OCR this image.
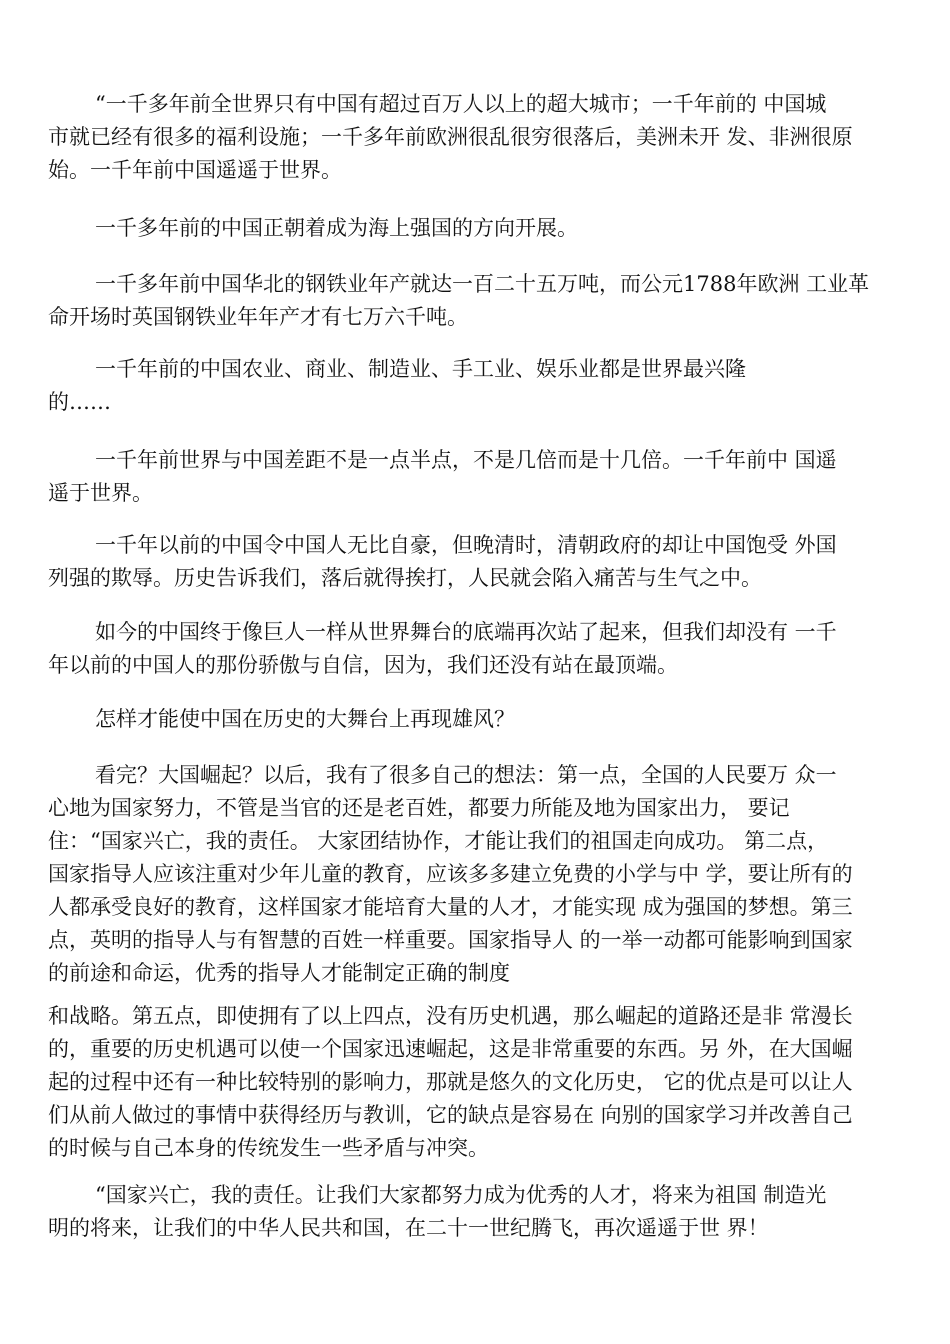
“一千多年前全世界只有中国有超过百万人以上的超大城市；一千年前的 中国城
市就已经有很多的福利设施；一千多年前欧洲很乱很穷很落后，美洲未开 发、非洲很原
始。一千年前中国遥遥于世界。
一千多年前的中国正朝着成为海上强国的方向开展。
一千多年前中国华北的钢铁业年产就达一百二十五万吨，而公元1788年欧洲 工业革
命开场时英国钢铁业年年产才有七万六千吨。
一千年前的中国农业、商业、制造业、手工业、娱乐业都是世界最兴隆
的……
一千年前世界与中国差距不是一点半点，不是几倍而是十几倍。一千年前中 国遥
遥于世界。
一千年以前的中国令中国人无比自豪，但晚清时，清朝政府的却让中国饱受 外国
列强的欺辱。历史告诉我们，落后就得挨打，人民就会陷入痛苦与生气之中。
如今的中国终于像巨人一样从世界舞台的底端再次站了起来，但我们却没有 一千
年以前的中国人的那份骄傲与自信，因为，我们还没有站在最顶端。
怎样才能使中国在历史的大舞台上再现雄风？
看完？大国崛起？以后，我有了很多自己的想法：第一点，全国的人民要万 众一
心地为国家努力，不管是当官的还是老百姓，都要力所能及地为国家出力， 要记
住：“国家兴亡，我的责任。 大家团结协作，才能让我们的祖国走向成功。 第二点，
国家指导人应该注重对少年儿童的教育，应该多多建立免费的小学与中 学，要让所有的
人都承受良好的教育，这样国家才能培育大量的人才，才能实现 成为强国的梦想。第三
点，英明的指导人与有智慧的百姓一样重要。国家指导人 的一举一动都可能影响到国家
的前途和命运，优秀的指导人才能制定正确的制度
和战略。第五点，即使拥有了以上四点，没有历史机遇，那么崛起的道路还是非 常漫长
的，重要的历史机遇可以使一个国家迅速崛起，这是非常重要的东西。另 外，在大国崛
起的过程中还有一种比较特别的影响力，那就是悠久的文化历史， 它的优点是可以让人
们从前人做过的事情中获得经历与教训，它的缺点是容易在 向别的国家学习并改善自己
的时候与自己本身的传统发生一些矛盾与冲突。
“国家兴亡，我的责任。让我们大家都努力成为优秀的人才，将来为祖国 制造光
明的将来，让我们的中华人民共和国，在二十一世纪腾飞，再次遥遥于世 界！
